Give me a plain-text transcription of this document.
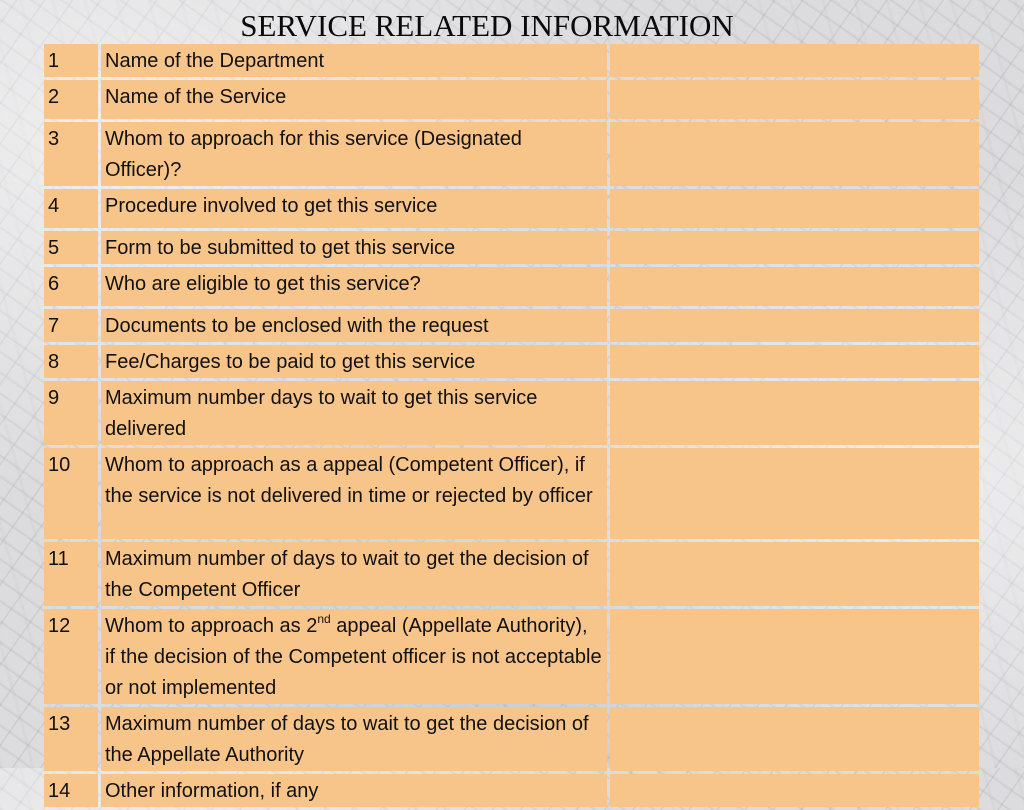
SERVICE RELATED INFORMATION
1	Name of the Department	
2	Name of the Service	
3	Whom to approach for this service (Designated Officer)?	
4	Procedure involved to get this service	
5	Form to be submitted to get this service	
6	Who are eligible to get this service?	
7	Documents to be enclosed with the request	
8	Fee/Charges to be paid to get this service	
9	Maximum number days to wait to get this service delivered	
10	Whom to approach as a appeal (Competent Officer), if the service is not delivered in time or rejected by officer	
11	Maximum number of days to wait to get the decision of the Competent Officer	
12	Whom to approach as 2nd appeal (Appellate Authority), if the decision of the Competent officer is not acceptable or not implemented	
13	Maximum number of days to wait to get the decision of the Appellate Authority	
14	Other information, if any	
